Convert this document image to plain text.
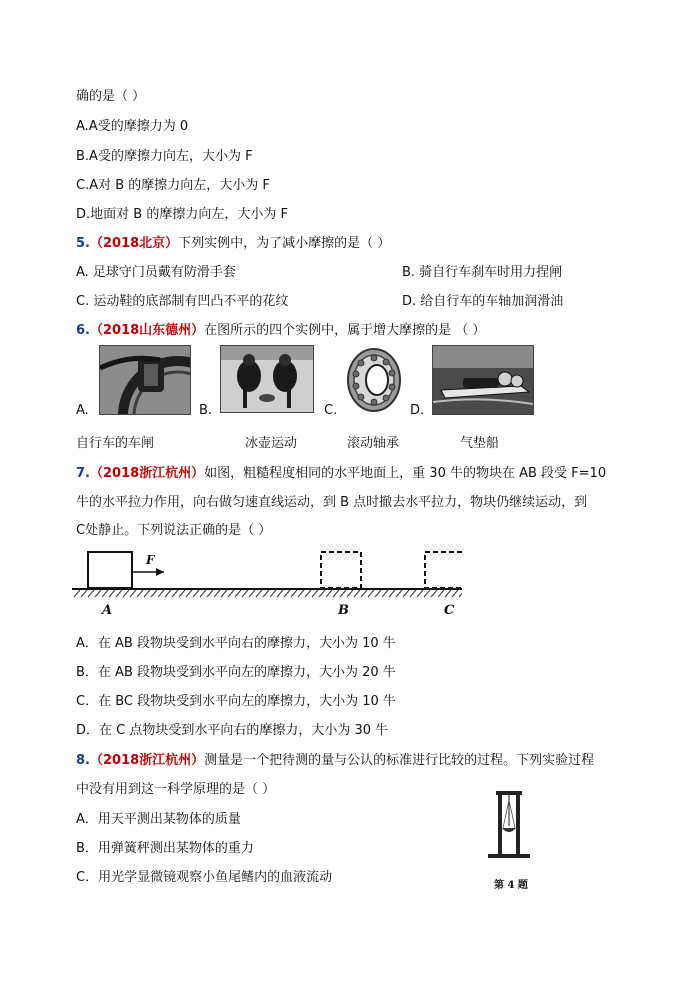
确的是（ ）
A.A受的摩擦力为 0
B.A受的摩擦力向左，大小为 F
C.A对 B 的摩擦力向左，大小为 F
D.地面对 B 的摩擦力向左，大小为 F
5.（2018北京）下列实例中，为了减小摩擦的是（ ）
A. 足球守门员戴有防滑手套	B. 骑自行车刹车时用力捏闸
C. 运动鞋的底部制有凹凸不平的花纹	D. 给自行车的车轴加润滑油
6.（2018山东德州）在图所示的四个实例中，属于增大摩擦的是 （ ）
A.	B.	C.	D.
自行车的车闸	冰壶运动	滚动轴承	气垫船
7.（2018浙江杭州）如图，粗糙程度相同的水平地面上，重 30 牛的物块在 AB 段受 F=10
牛的水平拉力作用，向右做匀速直线运动，到 B 点时撤去水平拉力，物块仍继续运动，到
C处静止。下列说法正确的是（ ）
F
A	B	C
A．在 AB 段物块受到水平向右的摩擦力，大小为 10 牛
B．在 AB 段物块受到水平向左的摩擦力，大小为 20 牛
C．在 BC 段物块受到水平向左的摩擦力，大小为 10 牛
D．在 C 点物块受到水平向右的摩擦力，大小为 30 牛
8.（2018浙江杭州）测量是一个把待测的量与公认的标准进行比较的过程。下列实验过程
中没有用到这一科学原理的是（ ）
A．用天平测出某物体的质量
B．用弹簧秤测出某物体的重力
C．用光学显微镜观察小鱼尾鳍内的血液流动
第 4 题
